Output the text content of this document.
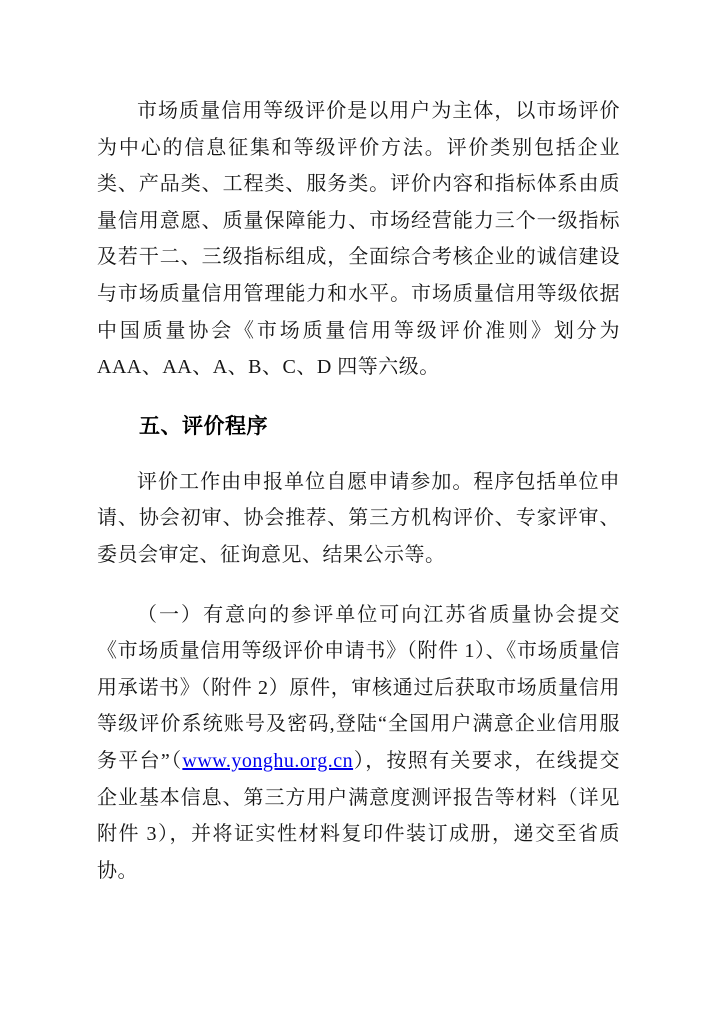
市场质量信用等级评价是以用户为主体，以市场评价为中心的信息征集和等级评价方法。评价类别包括企业类、产品类、工程类、服务类。评价内容和指标体系由质量信用意愿、质量保障能力、市场经营能力三个一级指标及若干二、三级指标组成，全面综合考核企业的诚信建设与市场质量信用管理能力和水平。市场质量信用等级依据中国质量协会《市场质量信用等级评价准则》划分为 AAA、AA、A、B、C、D 四等六级。

五、评价程序

评价工作由申报单位自愿申请参加。程序包括单位申请、协会初审、协会推荐、第三方机构评价、专家评审、委员会审定、征询意见、结果公示等。

（一）有意向的参评单位可向江苏省质量协会提交《市场质量信用等级评价申请书》（附件 1）、《市场质量信用承诺书》（附件 2）原件，审核通过后获取市场质量信用等级评价系统账号及密码,登陆“全国用户满意企业信用服务平台”（www.yonghu.org.cn），按照有关要求，在线提交企业基本信息、第三方用户满意度测评报告等材料（详见附件 3），并将证实性材料复印件装订成册，递交至省质协。
